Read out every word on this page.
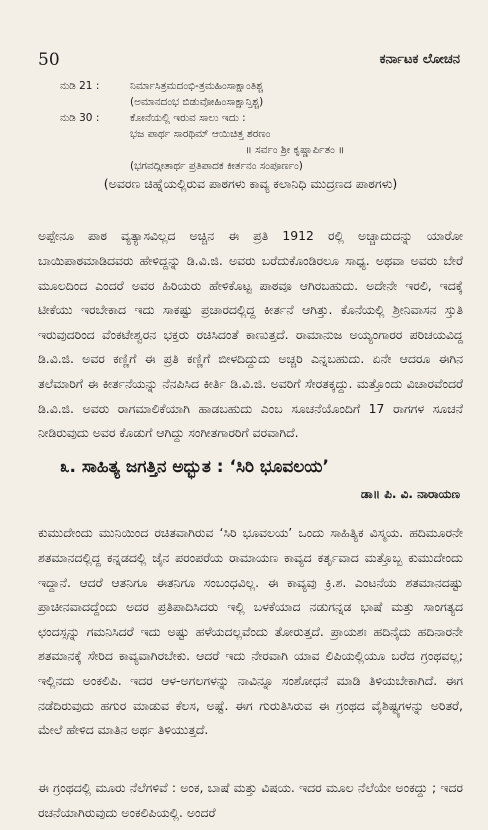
50	ಕರ್ನಾಟಕ ಲೋಚನ
ನುಡಿ 21 :	ನಿರ್ಮಾಸಿತ್ರಮದಂಭಿ-ತ್ರಮಹಿಂಸಾಕ್ಷಾಂತಿಶ್ಚ
(ಅಮಾನದಂಭ ಬಿಡುವೋಹಿಂಸಾಕ್ಷಾನ್ತಿಶ್ಚ)
ನುಡಿ 30 :	ಕೋನೆಯಲ್ಲಿ ಇರುವ ಸಾಲು ಇದು :
ಭಜ ಪಾರ್ಥ ಸಾರಥಿಮ್ ಆಯಿಚಿತ್ತ ಶರಣಂ
॥ ಸರ್ವಂ ಶ್ರೀ ಕೃಷ್ಣಾರ್ಪಿತಂ ॥
(ಭಗವದ್ಗೀತಾರ್ಥ ಪ್ರತಿಪಾದಕ ಕೀರ್ತನಂ ಸಂಪೂರ್ಣಂ)
(ಅವರಣ ಚಿಹ್ನೆಯಲ್ಲಿರುವ ಪಾಠಗಳು ಕಾವ್ಯ ಕಲಾನಿಧಿ ಮುದ್ರಣದ ಪಾಠಗಳು)

ಅಪ್ಪೇನೂ ಪಾಠ ವ್ಯತ್ಯಾಸವಿಲ್ಲದ ಅಚ್ಚಿನ ಈ ಪ್ರತಿ 1912 ರಲ್ಲಿ ಅಚ್ಚಾದುದನ್ನು ಯಾರೋ ಬಾಯಿಪಾಠಮಾಡಿದವರು ಹೇಳಿದ್ದನ್ನು ಡಿ.ವಿ.ಜಿ. ಅವರು ಬರೆದುಕೊಂಡಿರಲೂ ಸಾಧ್ಯ. ಅಥವಾ ಅವರು ಬೇರೆ ಮೂಲದಿಂದ ಎಂದರೆ ಅವರ ಹಿರಿಯರು ಹೇಳಿಕೊಟ್ಟ ಪಾಠವೂ ಆಗಿರಬಹುದು. ಅದೇನೇ ಇರಲಿ, ಇದಕ್ಕೆ ಟೀಕೆಯು ಇರಬೇಕಾದ ಇದು ಸಾಕಷ್ಟು ಪ್ರಚಾರದಲ್ಲಿದ್ದ ಕೀರ್ತನೆ ಆಗಿತ್ತು. ಕೊನೆಯಲ್ಲಿ ಶ್ರೀನಿವಾಸನ ಸ್ತುತಿ ಇರುವುದರಿಂದ ವೆಂಕಟೇಶ್ವರನ ಭಕ್ತರು ರಚಿಸಿದಂತೆ ಕಾಣುತ್ತದೆ. ರಾಮಾನುಜ ಅಯ್ಯಂಗಾರರ ಪರಿಚಯವಿದ್ದ ಡಿ.ವಿ.ಜಿ. ಅವರ ಕಣ್ಣಿಗೆ ಈ ಪ್ರತಿ ಕಣ್ಣಿಗೆ ಬೀಳದಿದ್ದುದು ಅಚ್ಚರಿ ಎನ್ನಬಹುದು. ಏನೇ ಆದರೂ ಈಗಿನ ತಲೆಮಾರಿಗೆ ಈ ಕೀರ್ತನೆಯನ್ನು ನೆನಪಿಸಿದ ಕೀರ್ತಿ ಡಿ.ವಿ.ಜಿ. ಅವರಿಗೆ ಸೇರತಕ್ಕದ್ದು. ಮತ್ತೊಂದು ವಿಚಾರವೆಂದರೆ ಡಿ.ವಿ.ಜಿ. ಅವರು ರಾಗಮಾಲಿಕೆಯಾಗಿ ಹಾಡಬಹುದು ಎಂಬ ಸೂಚನೆಯೊಂದಿಗೆ 17 ರಾಗಗಳ ಸೂಚನೆ ನೀಡಿರುವುದು ಅವರ ಕೊಡುಗೆ ಆಗಿದ್ದು ಸಂಗೀತಗಾರರಿಗೆ ವರವಾಗಿದೆ.

೩. ಸಾಹಿತ್ಯ ಜಗತ್ತಿನ ಅದ್ಭುತ : ‘ಸಿರಿ ಭೂವಲಯ’
ಡಾ॥ ಪಿ. ವಿ. ನಾರಾಯಣ

ಕುಮುದೇಂದು ಮುನಿಯಿಂದ ರಚಿತವಾಗಿರುವ ‘ಸಿರಿ ಭೂವಲಯ’ ಒಂದು ಸಾಹಿತ್ಯಿಕ ವಿಸ್ಮಯ. ಹದಿಮೂರನೇ ಶತಮಾನದಲ್ಲಿದ್ದ ಕನ್ನಡದಲ್ಲಿ ಜೈನ ಪರಂಪರೆಯ ರಾಮಾಯಣ ಕಾವ್ಯದ ಕರ್ತೃವಾದ ಮತ್ತೊಬ್ಬ ಕುಮುದೇಂದು ಇದ್ದಾನೆ. ಆದರೆ ಆತನಿಗೂ ಈತನಿಗೂ ಸಂಬಂಧವಿಲ್ಲ. ಈ ಕಾವ್ಯವು ಕ್ರಿ.ಶ. ಎಂಟನೆಯ ಶತಮಾನದಷ್ಟು ಪ್ರಾಚೀನವಾದದ್ದೆಂದು ಅದರ ಪ್ರತಿಪಾದಿಸಿದರು ಇಲ್ಲಿ ಬಳಕೆಯಾದ ನಡುಗನ್ನಡ ಭಾಷೆ ಮತ್ತು ಸಾಂಗತ್ಯದ ಛಂದಸ್ಸನ್ನು ಗಮನಿಸಿದರೆ ಇದು ಅಷ್ಟು ಹಳೆಯದಲ್ಲವೆಂದು ತೋರುತ್ತದೆ. ಪ್ರಾಯಶಃ ಹದಿನೈದು ಹದಿನಾರನೇ ಶತಮಾನಕ್ಕೆ ಸೇರಿದ ಕಾವ್ಯವಾಗಿರಬೇಕು. ಆದರೆ ಇದು ನೇರವಾಗಿ ಯಾವ ಲಿಪಿಯಲ್ಲಿಯೂ ಬರೆದ ಗ್ರಂಥವಲ್ಲ; ಇಲ್ಲಿನದು ಅಂಕಲಿಪಿ. ಇದರ ಆಳ-ಅಗಲಗಳನ್ನು ನಾವಿನ್ನೂ ಸಂಶೋಧನೆ ಮಾಡಿ ತಿಳಿಯಬೇಕಾಗಿದೆ. ಈಗ ನಡೆದಿರುವುದು ಹಗುರ ಮಾಡುವ ಕೆಲಸ, ಅಷ್ಟೆ. ಈಗ ಗುರುತಿಸಿರುವ ಈ ಗ್ರಂಥದ ವೈಶಿಷ್ಟ್ಯಗಳನ್ನು ಅರಿತರೆ, ಮೇಲೆ ಹೇಳಿದ ಮಾತಿನ ಅರ್ಥ ತಿಳಿಯುತ್ತದೆ.

ಈ ಗ್ರಂಥದಲ್ಲಿ ಮೂರು ನೆಲೆಗಳಿವೆ : ಅಂಕ, ಬಾಷೆ ಮತ್ತು ವಿಷಯ. ಇದರ ಮೂಲ ನೆಲೆಯೇ ಅಂಕದ್ದು ; ಇದರ ರಚನೆಯಾಗಿರುವುದು ಅಂಕಲಿಪಿಯಲ್ಲಿ. ಅಂದರೆ
